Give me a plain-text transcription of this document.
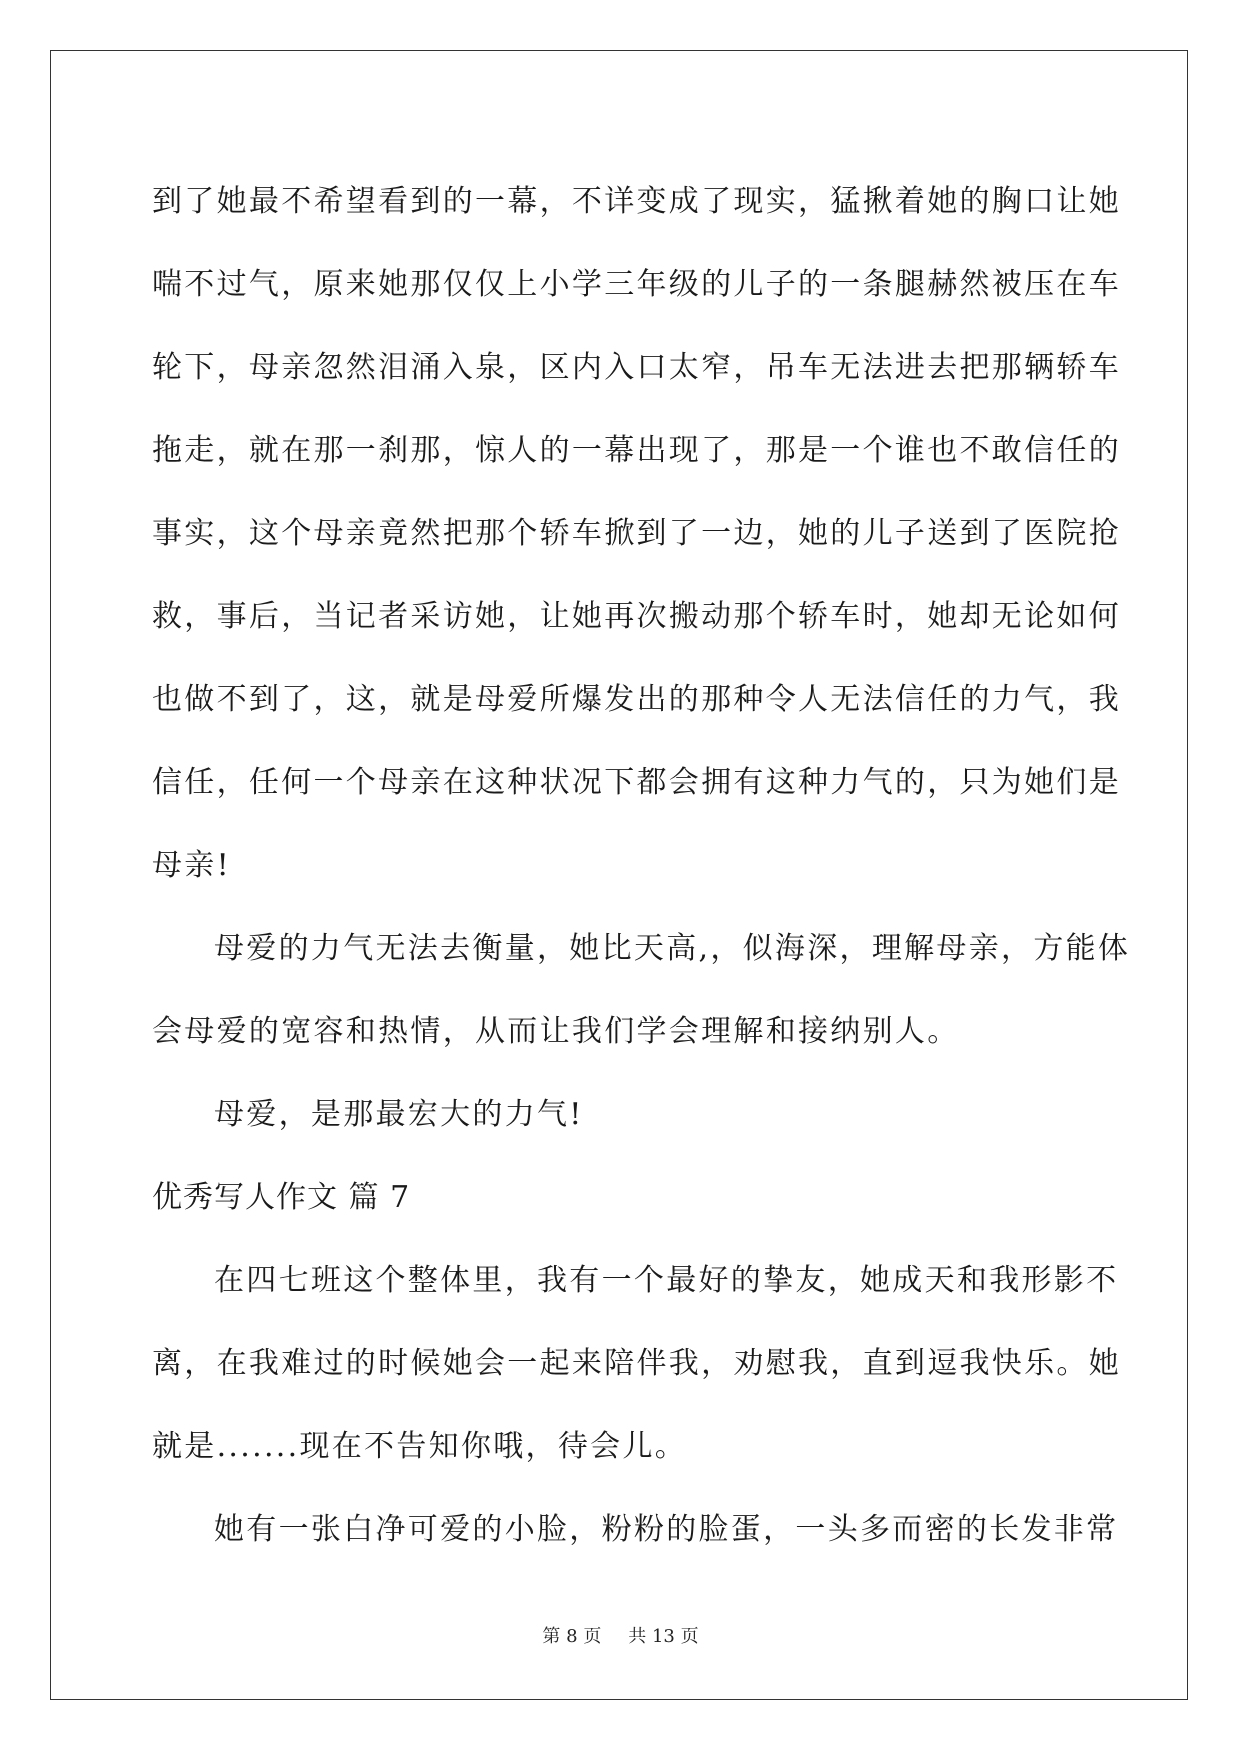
到了她最不希望看到的一幕，不详变成了现实，猛揪着她的胸口让她
喘不过气，原来她那仅仅上小学三年级的儿子的一条腿赫然被压在车
轮下，母亲忽然泪涌入泉，区内入口太窄，吊车无法进去把那辆轿车
拖走，就在那一刹那，惊人的一幕出现了，那是一个谁也不敢信任的
事实，这个母亲竟然把那个轿车掀到了一边，她的儿子送到了医院抢
救，事后，当记者采访她，让她再次搬动那个轿车时，她却无论如何
也做不到了，这，就是母爱所爆发出的那种令人无法信任的力气，我
信任，任何一个母亲在这种状况下都会拥有这种力气的，只为她们是
母亲!
母爱的力气无法去衡量，她比天高,，似海深，理解母亲，方能体
会母爱的宽容和热情，从而让我们学会理解和接纳别人。
母爱，是那最宏大的力气!
优秀写人作文 篇 7
在四七班这个整体里，我有一个最好的挚友，她成天和我形影不
离，在我难过的时候她会一起来陪伴我，劝慰我，直到逗我快乐。她
就是.......现在不告知你哦，待会儿。
她有一张白净可爱的小脸，粉粉的脸蛋，一头多而密的长发非常
第 8 页 共 13 页
